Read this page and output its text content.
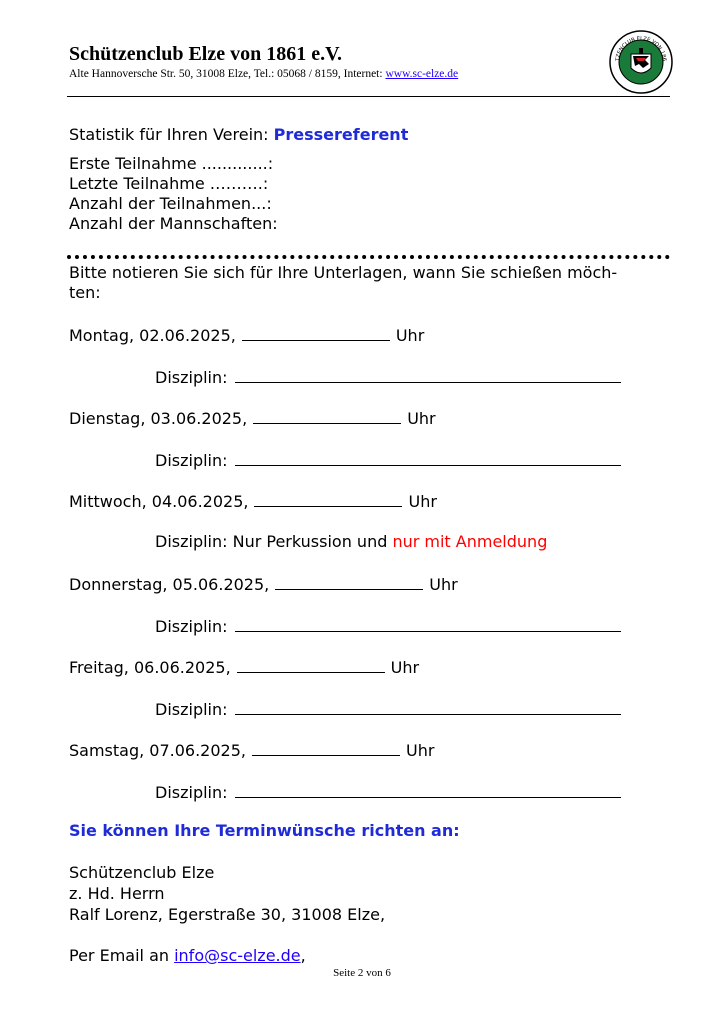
Schützenclub Elze von 1861 e.V.
Alte Hannoversche Str. 50, 31008 Elze, Tel.: 05068 / 8159, Internet: www.sc-elze.de
TZENCLUB ELZE VON 186
Statistik für Ihren Verein: Pressereferent
Erste Teilnahme .............:
Letzte Teilnahme ……….:
Anzahl der Teilnahmen...:
Anzahl der Mannschaften:
Bitte notieren Sie sich für Ihre Unterlagen, wann Sie schießen möch-
ten:
Montag, 02.06.2025,	Uhr
Disziplin:
Dienstag, 03.06.2025,	Uhr
Disziplin:
Mittwoch, 04.06.2025,	Uhr
Disziplin: Nur Perkussion und nur mit Anmeldung
Donnerstag, 05.06.2025,	Uhr
Disziplin:
Freitag, 06.06.2025,	Uhr
Disziplin:
Samstag, 07.06.2025,	Uhr
Disziplin:
Sie können Ihre Terminwünsche richten an:
Schützenclub Elze
z. Hd. Herrn
Ralf Lorenz, Egerstraße 30, 31008 Elze,
Per Email an info@sc-elze.de,
Seite 2 von 6
